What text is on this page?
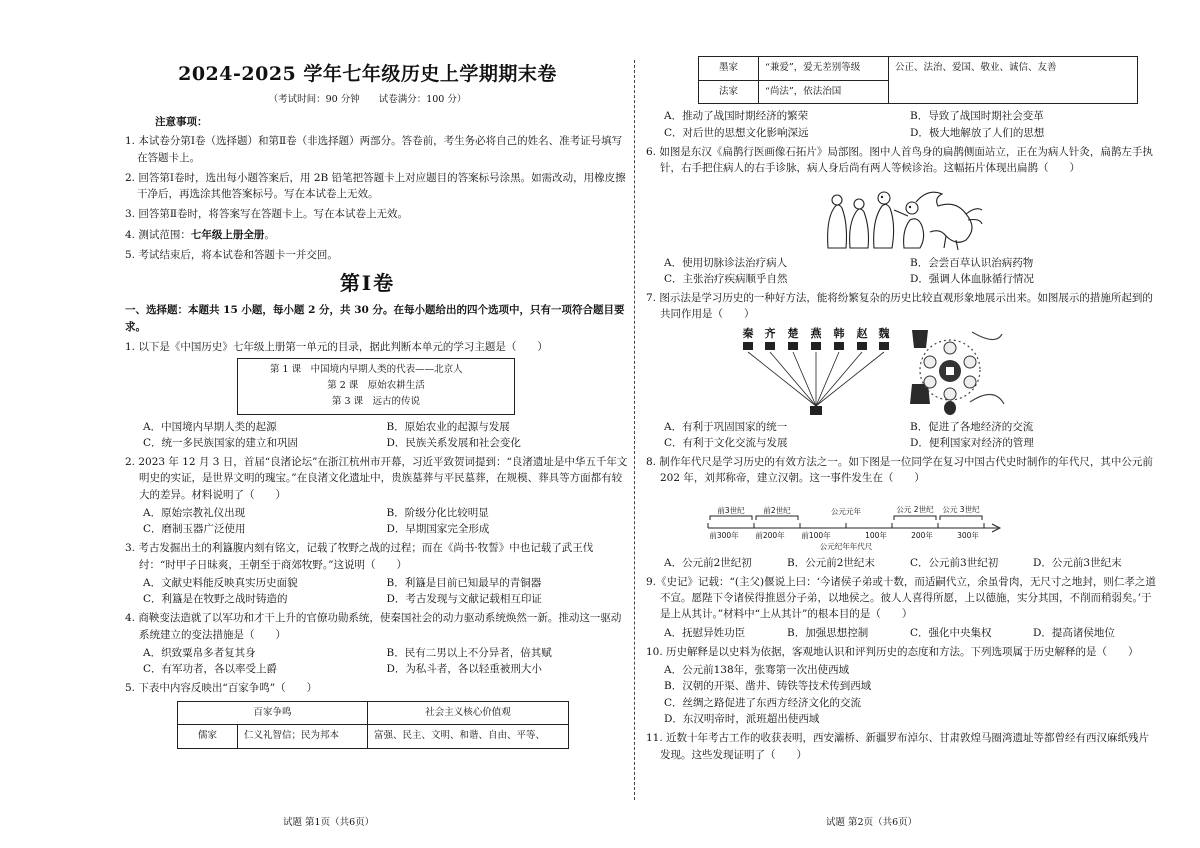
2024-2025 学年七年级历史上学期期末卷
（考试时间：90 分钟　　试卷满分：100 分）
注意事项：
1. 本试卷分第Ⅰ卷（选择题）和第Ⅱ卷（非选择题）两部分。答卷前，考生务必将自己的姓名、准考证号填写在答题卡上。
2. 回答第Ⅰ卷时，选出每小题答案后，用 2B 铅笔把答题卡上对应题目的答案标号涂黑。如需改动，用橡皮擦干净后，再选涂其他答案标号。写在本试卷上无效。
3. 回答第Ⅱ卷时，将答案写在答题卡上。写在本试卷上无效。
4. 测试范围：七年级上册全册。
5. 考试结束后，将本试卷和答题卡一并交回。
第Ⅰ卷
一、选择题：本题共 15 小题，每小题 2 分，共 30 分。在每小题给出的四个选项中，只有一项符合题目要求。
1. 以下是《中国历史》七年级上册第一单元的目录，据此判断本单元的学习主题是（　　）
第 1 课　中国境内早期人类的代表——北京人
第 2 课　原始农耕生活
第 3 课　远古的传说
A．中国境内早期人类的起源	B．原始农业的起源与发展
C．统一多民族国家的建立和巩固	D．民族关系发展和社会变化
2. 2023 年 12 月 3 日，首届“良渚论坛”在浙江杭州市开幕，习近平致贺词提到：“良渚遗址是中华五千年文明史的实证，是世界文明的瑰宝。”在良渚文化遗址中，贵族墓葬与平民墓葬，在规模、葬具等方面都有较大的差异。材料说明了（　　）
A．原始宗教礼仪出现	B．阶级分化比较明显
C．磨制玉器广泛使用	D．早期国家完全形成
3. 考古发掘出土的利簋腹内刻有铭文，记载了牧野之战的过程；而在《尚书·牧誓》中也记载了武王伐纣：“时甲子日昧爽，王朝至于商郊牧野。”这说明（　　）
A．文献史料能反映真实历史面貌	B．利簋是目前已知最早的青铜器
C．利簋是在牧野之战时铸造的	D．考古发现与文献记载相互印证
4. 商鞅变法造就了以军功和才干上升的官僚功勋系统，使秦国社会的动力驱动系统焕然一新。推动这一驱动系统建立的变法措施是（　　）
A．织致粟帛多者复其身	B．民有二男以上不分异者，倍其赋
C．有军功者，各以率受上爵	D．为私斗者，各以轻重被刑大小
5. 下表中内容反映出“百家争鸣”（　　）
百家争鸣		社会主义核心价值观
儒家	仁义礼智信；民为邦本	富强、民主、文明、和谐、自由、平等、
试题 第1页（共6页）
墨家	“兼爱”，爱无差别等级	公正、法治、爱国、敬业、诚信、友善
法家	“尚法”，依法治国	
A．推动了战国时期经济的繁荣	B．导致了战国时期社会变革
C．对后世的思想文化影响深远	D．极大地解放了人们的思想
6. 如图是东汉《扁鹊行医画像石拓片》局部图。图中人首鸟身的扁鹊侧面站立，正在为病人针灸，扁鹊左手执针，右手把住病人的右手诊脉，病人身后尚有两人等候诊治。这幅拓片体现出扁鹊（　　）
A．使用切脉诊法治疗病人	B．会尝百草认识治病药物
C．主张治疗疾病顺乎自然	D．强调人体血脉循行情况
7. 图示法是学习历史的一种好方法，能将纷繁复杂的历史比较直观形象地展示出来。如图展示的措施所起到的共同作用是（　　）
秦 齐 楚 燕 韩 赵 魏
A．有利于巩固国家的统一	B．促进了各地经济的交流
C．有利于文化交流与发展	D．便利国家对经济的管理
8. 制作年代尺是学习历史的有效方法之一。如下图是一位同学在复习中国古代史时制作的年代尺，其中公元前 202 年，刘邦称帝，建立汉朝。这一事件发生在（　　）
前3世纪 前2世纪	公元元年	公元 2世纪 公元 3世纪
前300年 前200年 前100年	100年	200年	300年
公元纪年年代尺
A．公元前2世纪初	B．公元前2世纪末	C．公元前3世纪初	D．公元前3世纪末
9.《史记》记载：“(主父)偃说上曰：‘今诸侯子弟或十数，而适嗣代立，余虽骨肉，无尺寸之地封，则仁孝之道不宣。愿陛下令诸侯得推恩分子弟，以地侯之。彼人人喜得所愿，上以德施，实分其国，不削而稍弱矣。’于是上从其计。”材料中“上从其计”的根本目的是（　　）
A．抚慰异姓功臣	B．加强思想控制	C．强化中央集权	D．提高诸侯地位
10. 历史解释是以史料为依据，客观地认识和评判历史的态度和方法。下列选项属于历史解释的是（　　）
A．公元前138年，张骞第一次出使西域
B．汉朝的开渠、凿井、铸铁等技术传到西域
C．丝绸之路促进了东西方经济文化的交流
D．东汉明帝时，派班超出使西域
11. 近数十年考古工作的收获表明，西安灞桥、新疆罗布淖尔、甘肃敦煌马圈湾遗址等都曾经有西汉麻纸残片发现。这些发现证明了（　　）
试题 第2页（共6页）
